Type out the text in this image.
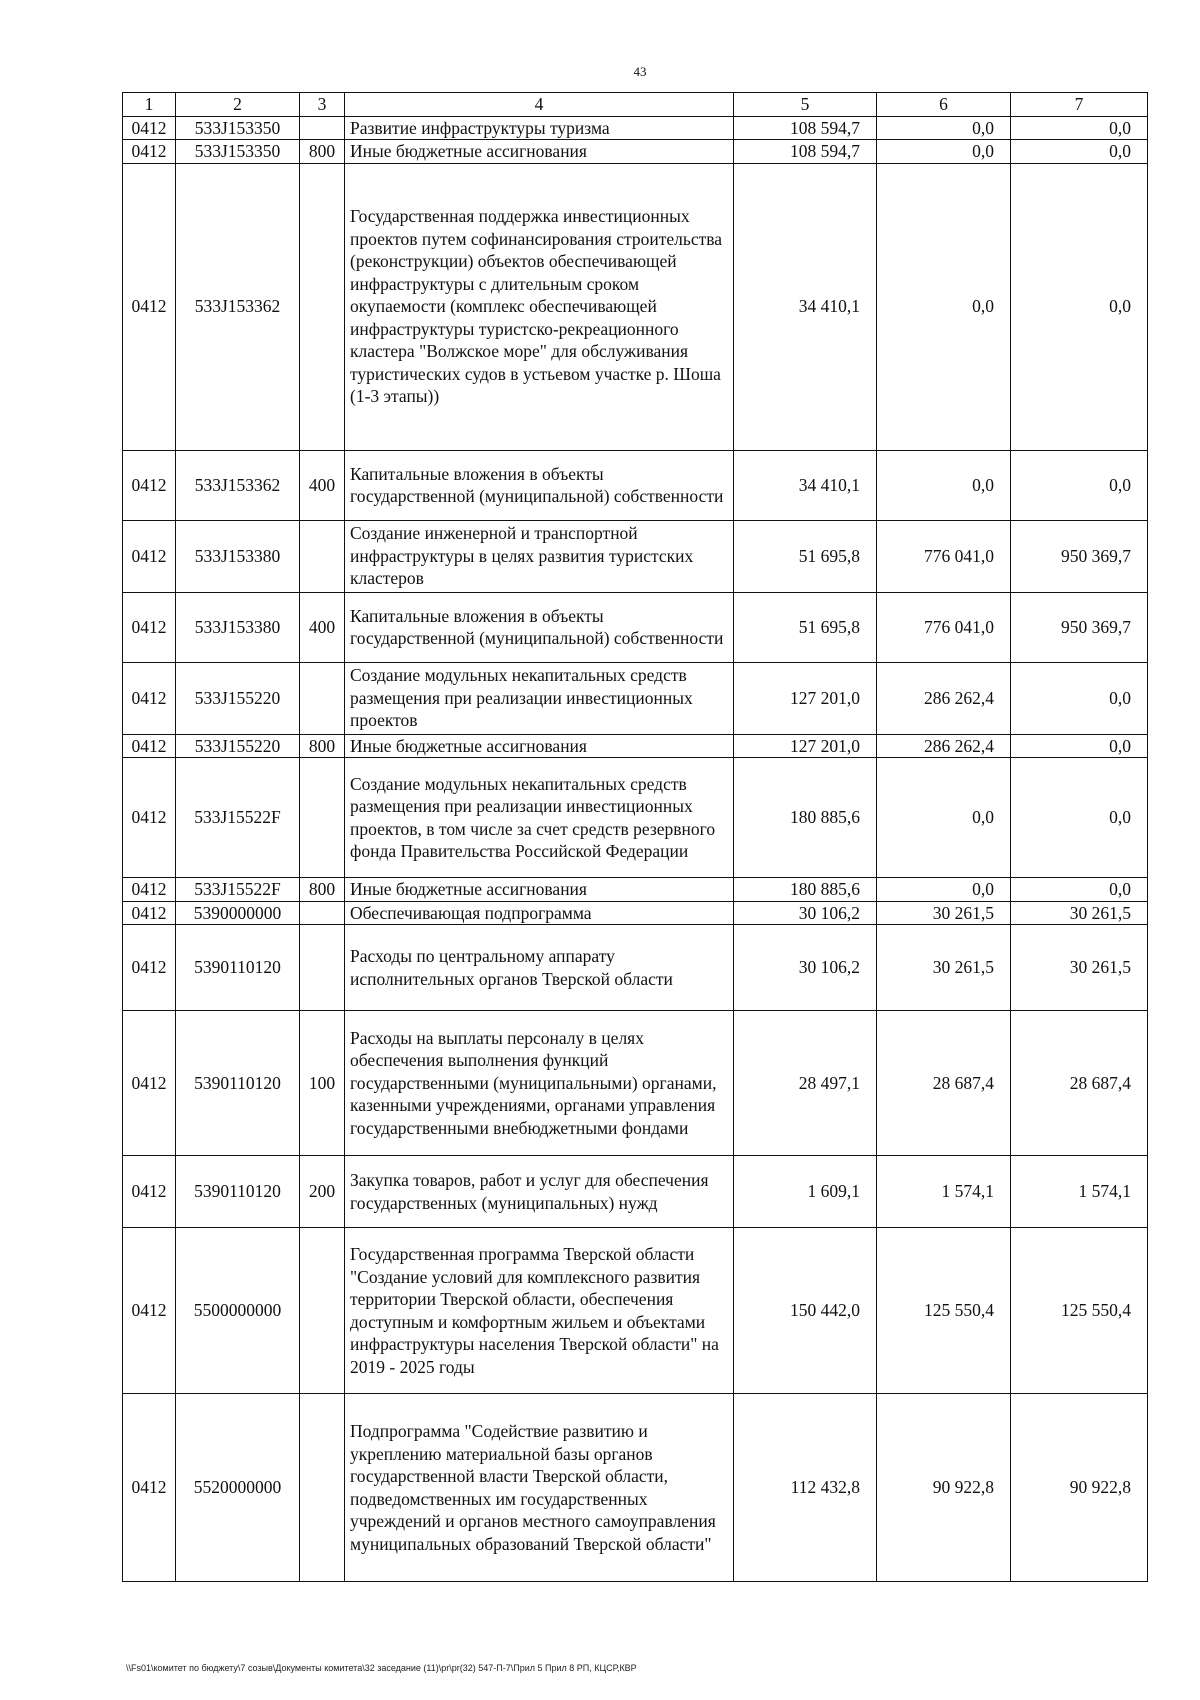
43
1	2	3	4	5	6	7
0412	533J153350		Развитие инфраструктуры туризма	108 594,7	0,0	0,0
0412	533J153350	800	Иные бюджетные ассигнования	108 594,7	0,0	0,0
0412	533J153362		Государственная поддержка инвестиционных проектов путем софинансирования строительства (реконструкции) объектов обеспечивающей инфраструктуры с длительным сроком окупаемости (комплекс обеспечивающей инфраструктуры туристско-рекреационного кластера "Волжское море" для обслуживания туристических судов в устьевом участке р. Шоша (1-3 этапы))	34 410,1	0,0	0,0
0412	533J153362	400	Капитальные вложения в объекты государственной (муниципальной) собственности	34 410,1	0,0	0,0
0412	533J153380		Создание инженерной и транспортной инфраструктуры в целях развития туристских кластеров	51 695,8	776 041,0	950 369,7
0412	533J153380	400	Капитальные вложения в объекты государственной (муниципальной) собственности	51 695,8	776 041,0	950 369,7
0412	533J155220		Создание модульных некапитальных средств размещения при реализации инвестиционных проектов	127 201,0	286 262,4	0,0
0412	533J155220	800	Иные бюджетные ассигнования	127 201,0	286 262,4	0,0
0412	533J15522F		Создание модульных некапитальных средств размещения при реализации инвестиционных проектов, в том числе за счет средств резервного фонда Правительства Российской Федерации	180 885,6	0,0	0,0
0412	533J15522F	800	Иные бюджетные ассигнования	180 885,6	0,0	0,0
0412	5390000000		Обеспечивающая подпрограмма	30 106,2	30 261,5	30 261,5
0412	5390110120		Расходы по центральному аппарату исполнительных органов Тверской области	30 106,2	30 261,5	30 261,5
0412	5390110120	100	Расходы на выплаты персоналу в целях обеспечения выполнения функций государственными (муниципальными) органами, казенными учреждениями, органами управления государственными внебюджетными фондами	28 497,1	28 687,4	28 687,4
0412	5390110120	200	Закупка товаров, работ и услуг для обеспечения государственных (муниципальных) нужд	1 609,1	1 574,1	1 574,1
0412	5500000000		Государственная программа Тверской области "Создание условий для комплексного развития территории Тверской области, обеспечения доступным и комфортным жильем и объектами инфраструктуры населения Тверской области" на 2019 - 2025 годы	150 442,0	125 550,4	125 550,4
0412	5520000000		Подпрограмма "Содействие развитию и укреплению материальной базы органов государственной власти Тверской области, подведомственных им государственных учреждений и органов местного самоуправления муниципальных образований Тверской области"	112 432,8	90 922,8	90 922,8
\\Fs01\комитет по бюджету\7 созыв\Документы комитета\32 заседание (11)\pr\pr(32) 547-П-7\Прил 5 Прил 8 РП, КЦСР,КВР
